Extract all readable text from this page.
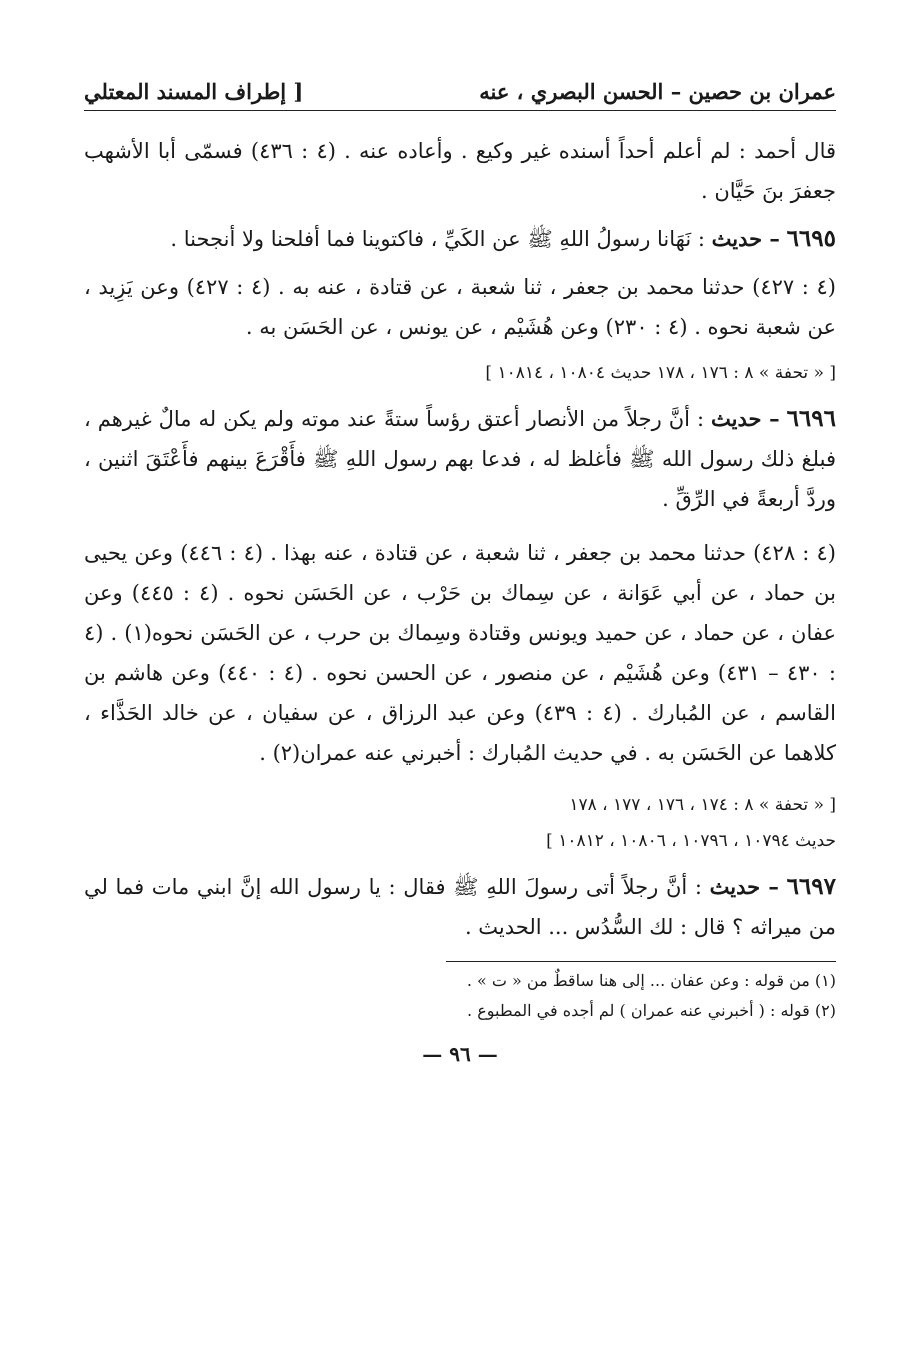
عمران بن حصين – الحسن البصري ، عنه
[ إطراف المسند المعتلي

قال أحمد : لم أعلم أحداً أسنده غير وكيع . وأعاده عنه . (٤ : ٤٣٦) فسمّى أبا الأشهب جعفرَ بنَ حَيَّان .

٦٦٩٥ – حديث : نَهَانا رسولُ اللهِ ﷺ عن الكَيِّ ، فاكتوينا فما أفلحنا ولا أنجحنا .

(٤ : ٤٢٧) حدثنا محمد بن جعفر ، ثنا شعبة ، عن قتادة ، عنه به . (٤ : ٤٢٧) وعن يَزِيد ، عن شعبة نحوه . (٤ : ٢٣٠) وعن هُشَيْم ، عن يونس ، عن الحَسَن به .

[ « تحفة » ٨ : ١٧٦ ، ١٧٨ حديث ١٠٨٠٤ ، ١٠٨١٤ ]

٦٦٩٦ – حديث : أنَّ رجلاً من الأنصار أعتق رؤساً ستةً عند موته ولم يكن له مالٌ غيرهم ، فبلغ ذلك رسول الله ﷺ فأغلظ له ، فدعا بهم رسول اللهِ ﷺ فأَقْرَعَ بينهم فأَعْتَقَ اثنين ، وردَّ أربعةً في الرِّقِّ .

(٤ : ٤٢٨) حدثنا محمد بن جعفر ، ثنا شعبة ، عن قتادة ، عنه بهذا . (٤ : ٤٤٦) وعن يحيى بن حماد ، عن أبي عَوَانة ، عن سِماك بن حَرْب ، عن الحَسَن نحوه . (٤ : ٤٤٥) وعن عفان ، عن حماد ، عن حميد ويونس وقتادة وسِماك بن حرب ، عن الحَسَن نحوه(١) . (٤ : ٤٣٠ – ٤٣١) وعن هُشَيْم ، عن منصور ، عن الحسن نحوه . (٤ : ٤٤٠) وعن هاشم بن القاسم ، عن المُبارك . (٤ : ٤٣٩) وعن عبد الرزاق ، عن سفيان ، عن خالد الحَذَّاء ، كلاهما عن الحَسَن به . في حديث المُبارك : أخبرني عنه عمران(٢) .

[ « تحفة » ٨ : ١٧٤ ، ١٧٦ ، ١٧٧ ، ١٧٨

حديث ١٠٧٩٤ ، ١٠٧٩٦ ، ١٠٨٠٦ ، ١٠٨١٢ ]

٦٦٩٧ – حديث : أنَّ رجلاً أتى رسولَ اللهِ ﷺ فقال : يا رسول الله إنَّ ابني مات فما لي من ميراثه ؟ قال : لك السُّدُس ... الحديث .

(١) من قوله : وعن عفان ... إلى هنا ساقطٌ من « ت » .
(٢) قوله : ( أخبرني عنه عمران ) لم أجده في المطبوع .
— ٩٦ —
